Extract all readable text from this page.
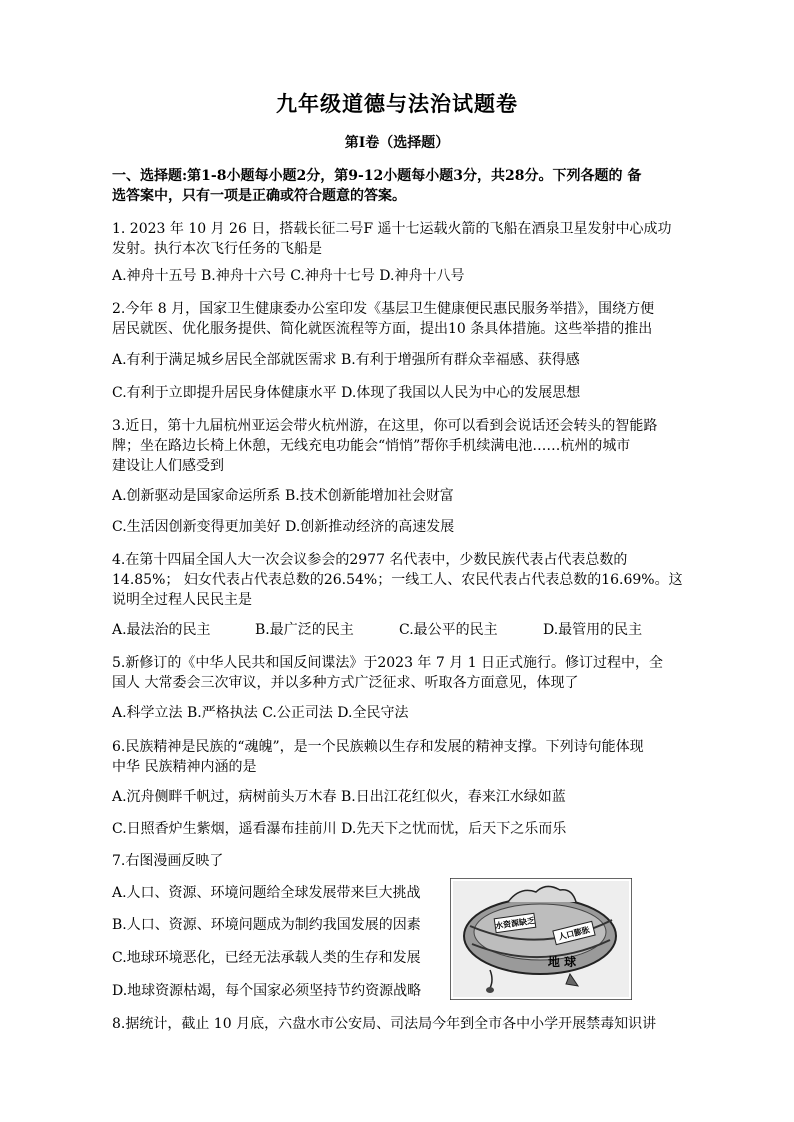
九年级道德与法治试题卷
第Ⅰ卷（选择题）
一、选择题:第1-8小题每小题2分，第9-12小题每小题3分，共28分。下列各题的 备
选答案中，只有一项是正确或符合题意的答案。
1. 2023 年 10 月 26 日，搭载长征二号F 遥十七运载火箭的飞船在酒泉卫星发射中心成功
发射。执行本次飞行任务的飞船是
A.神舟十五号 B.神舟十六号 C.神舟十七号 D.神舟十八号
2.今年 8 月，国家卫生健康委办公室印发《基层卫生健康便民惠民服务举措》，围绕方便
居民就医、优化服务提供、简化就医流程等方面，提出10 条具体措施。这些举措的推出
A.有利于满足城乡居民全部就医需求 B.有利于增强所有群众幸福感、获得感
C.有利于立即提升居民身体健康水平 D.体现了我国以人民为中心的发展思想
3.近日，第十九届杭州亚运会带火杭州游，在这里，你可以看到会说话还会转头的智能路
牌；坐在路边长椅上休憩，无线充电功能会“悄悄”帮你手机续满电池……杭州的城市
建设让人们感受到
A.创新驱动是国家命运所系 B.技术创新能增加社会财富
C.生活因创新变得更加美好 D.创新推动经济的高速发展
4.在第十四届全国人大一次会议参会的2977 名代表中，少数民族代表占代表总数的
14.85%； 妇女代表占代表总数的26.54%；一线工人、农民代表占代表总数的16.69%。这
说明全过程人民民主是
A.最法治的民主	B.最广泛的民主	C.最公平的民主	D.最管用的民主
5.新修订的《中华人民共和国反间谍法》于2023 年 7 月 1 日正式施行。修订过程中，全
国人 大常委会三次审议，并以多种方式广泛征求、听取各方面意见，体现了
A.科学立法 B.严格执法 C.公正司法 D.全民守法
6.民族精神是民族的“魂魄”，是一个民族赖以生存和发展的精神支撑。下列诗句能体现
中华 民族精神内涵的是
A.沉舟侧畔千帆过，病树前头万木春 B.日出江花红似火，春来江水绿如蓝
C.日照香炉生紫烟，遥看瀑布挂前川 D.先天下之忧而忧，后天下之乐而乐
7.右图漫画反映了
A.人口、资源、环境问题给全球发展带来巨大挑战
B.人口、资源、环境问题成为制约我国发展的因素
C.地球环境恶化，已经无法承载人类的生存和发展
D.地球资源枯竭，每个国家必须坚持节约资源战略
水资源缺乏
人口膨胀
地 球
8.据统计，截止 10 月底，六盘水市公安局、司法局今年到全市各中小学开展禁毒知识讲
